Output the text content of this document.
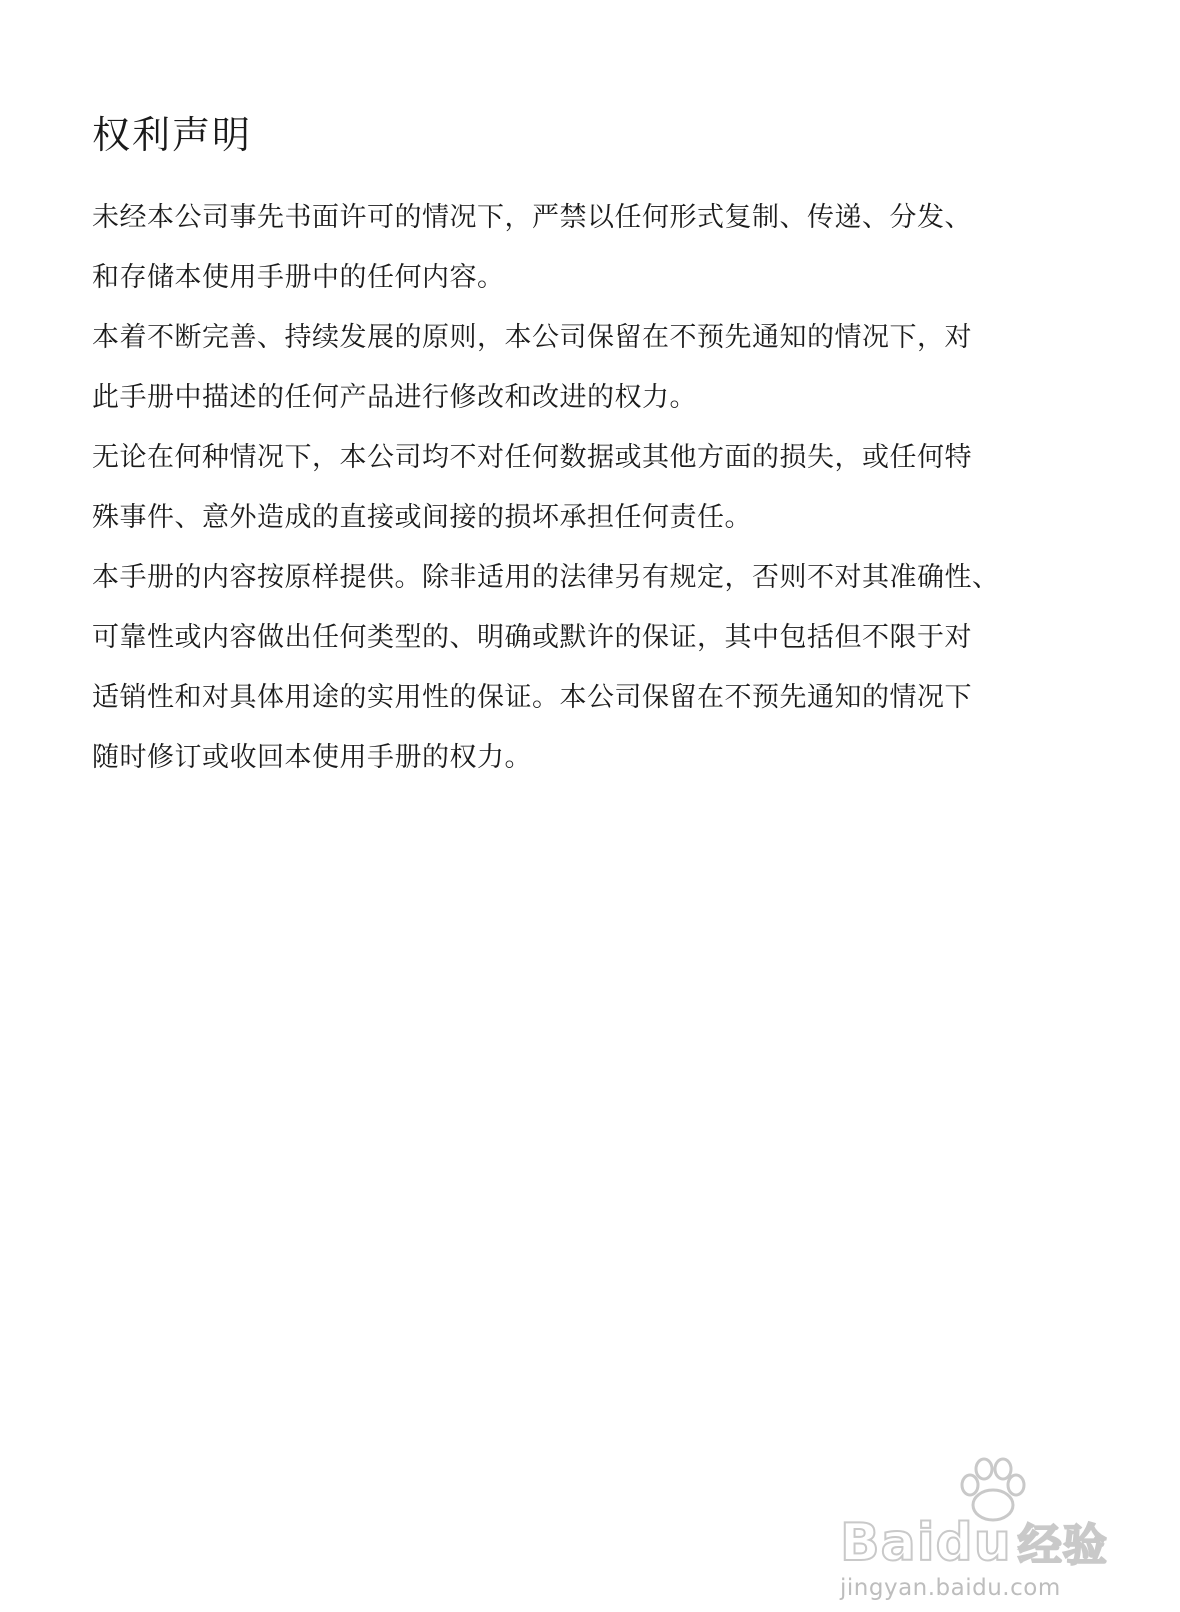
权利声明
未经本公司事先书面许可的情况下，严禁以任何形式复制、传递、分发、
和存储本使用手册中的任何内容。
本着不断完善、持续发展的原则，本公司保留在不预先通知的情况下，对
此手册中描述的任何产品进行修改和改进的权力。
无论在何种情况下，本公司均不对任何数据或其他方面的损失，或任何特
殊事件、意外造成的直接或间接的损坏承担任何责任。
本手册的内容按原样提供。除非适用的法律另有规定，否则不对其准确性、
可靠性或内容做出任何类型的、明确或默许的保证，其中包括但不限于对
适销性和对具体用途的实用性的保证。本公司保留在不预先通知的情况下
随时修订或收回本使用手册的权力。
Baidu 经验
jingyan.baidu.com
